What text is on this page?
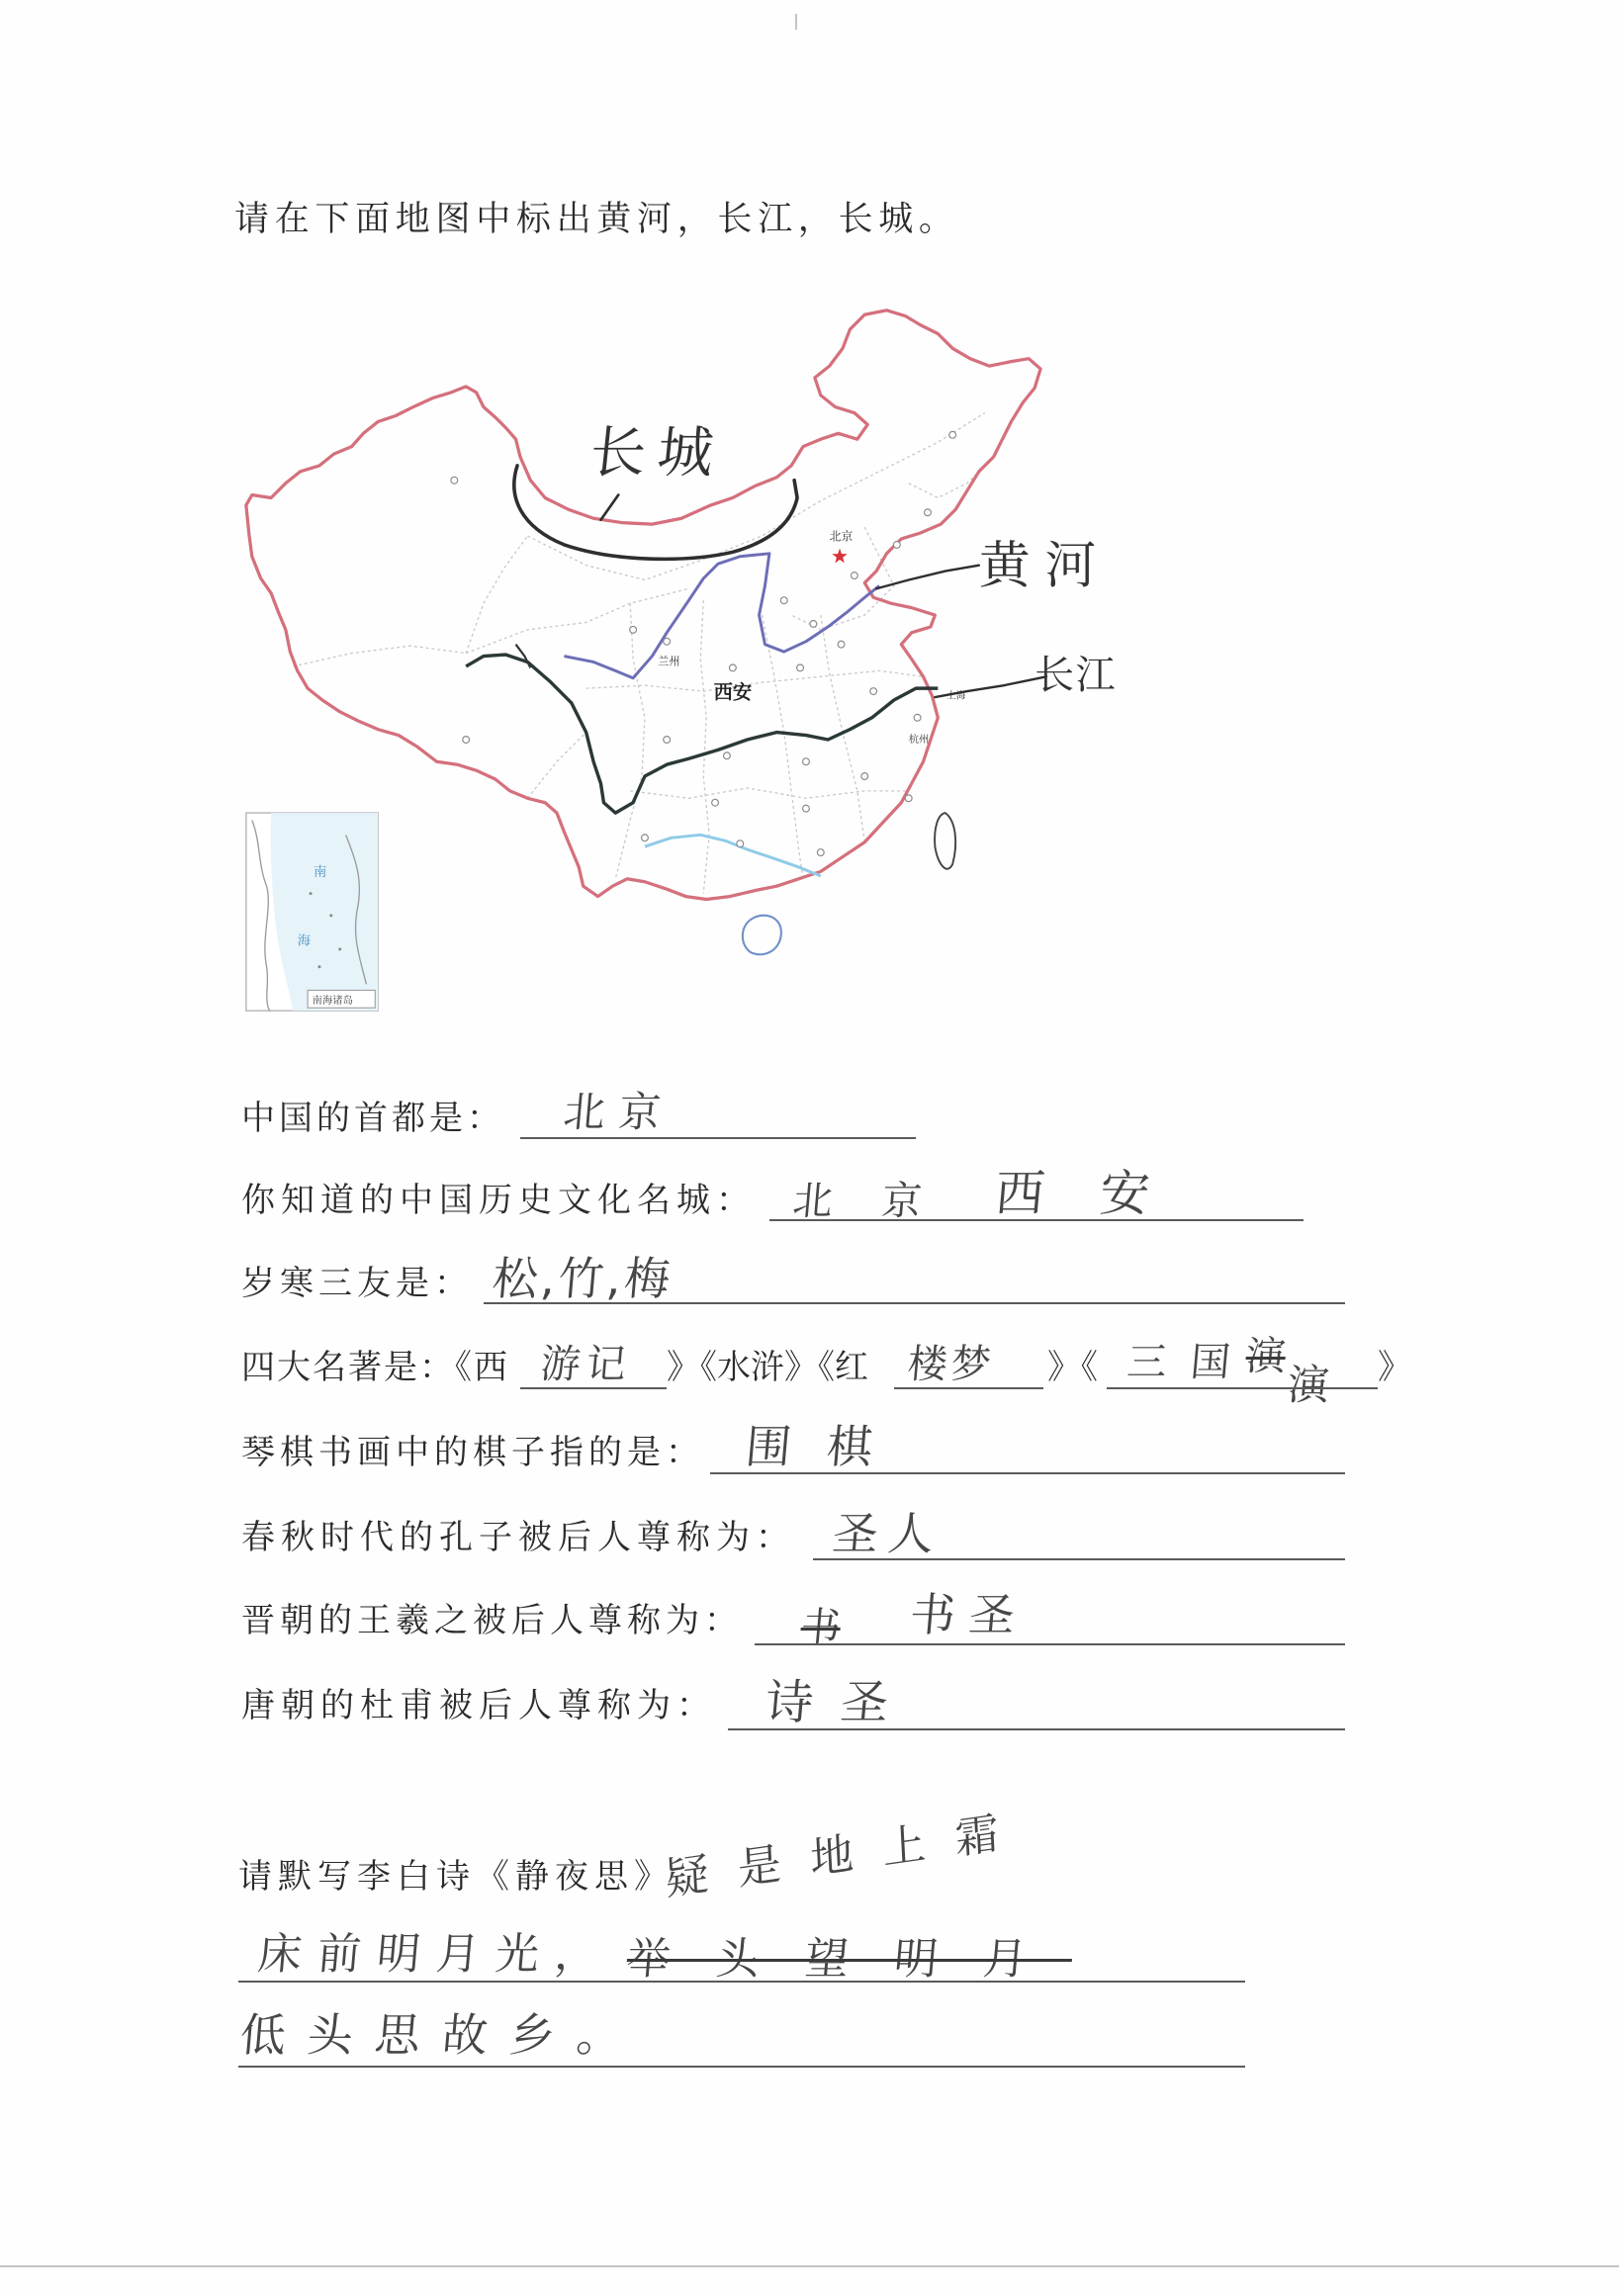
请在下面地图中标出黄河，长江，长城。
北京
兰州
西安	上海
杭州
长城
黄河
长江
南
海
南海诸岛
中国的首都是： 北京
你知道的中国历史文化名城： 北京 西安
岁寒三友是： 松,竹,梅
四大名著是：《西 游记 》《水浒》《红 楼梦 》《 三国
演
演 》
琴棋书画中的棋子指的是： 围棋
春秋时代的孔子被后人尊称为： 圣人
晋朝的王羲之被后人尊称为： 书 书圣
唐朝的杜甫被后人尊称为： 诗圣
请默写李白诗《静夜思》
疑是地上霜
床前明月光， 举头望明月
低头思故乡。
